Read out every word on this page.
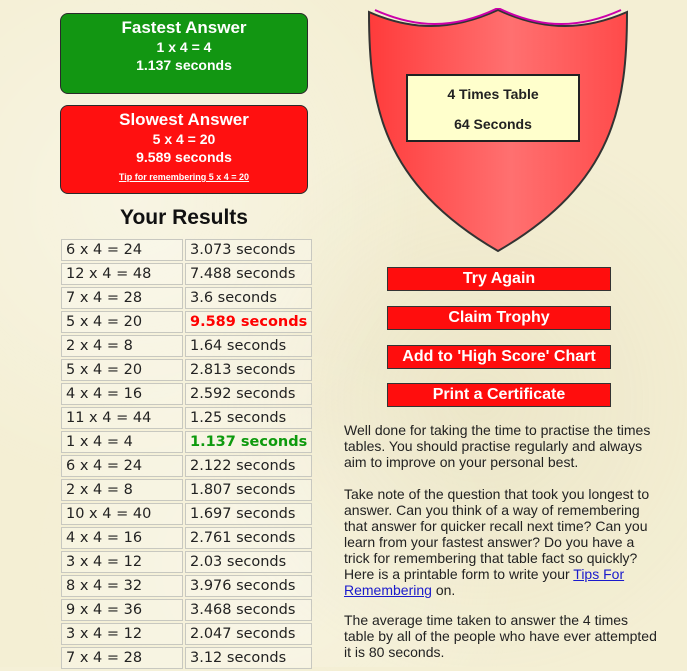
Fastest Answer
1 x 4 = 4
1.137 seconds
Slowest Answer
5 x 4 = 20
9.589 seconds
Tip for remembering 5 x 4 = 20
Your Results
6 x 4 = 24	3.073 seconds
12 x 4 = 48	7.488 seconds
7 x 4 = 28	3.6 seconds
5 x 4 = 20	9.589 seconds
2 x 4 = 8	1.64 seconds
5 x 4 = 20	2.813 seconds
4 x 4 = 16	2.592 seconds
11 x 4 = 44	1.25 seconds
1 x 4 = 4	1.137 seconds
6 x 4 = 24	2.122 seconds
2 x 4 = 8	1.807 seconds
10 x 4 = 40	1.697 seconds
4 x 4 = 16	2.761 seconds
3 x 4 = 12	2.03 seconds
8 x 4 = 32	3.976 seconds
9 x 4 = 36	3.468 seconds
3 x 4 = 12	2.047 seconds
7 x 4 = 28	3.12 seconds
4 Times Table
64 Seconds
Try Again
Claim Trophy
Add to 'High Score' Chart
Print a Certificate
Well done for taking the time to practise the times tables. You should practise regularly and always aim to improve on your personal best.
Take note of the question that took you longest to answer. Can you think of a way of remembering that answer for quicker recall next time? Can you learn from your fastest answer? Do you have a trick for remembering that table fact so quickly? Here is a printable form to write your Tips For Remembering on.
The average time taken to answer the 4 times table by all of the people who have ever attempted it is 80 seconds.
